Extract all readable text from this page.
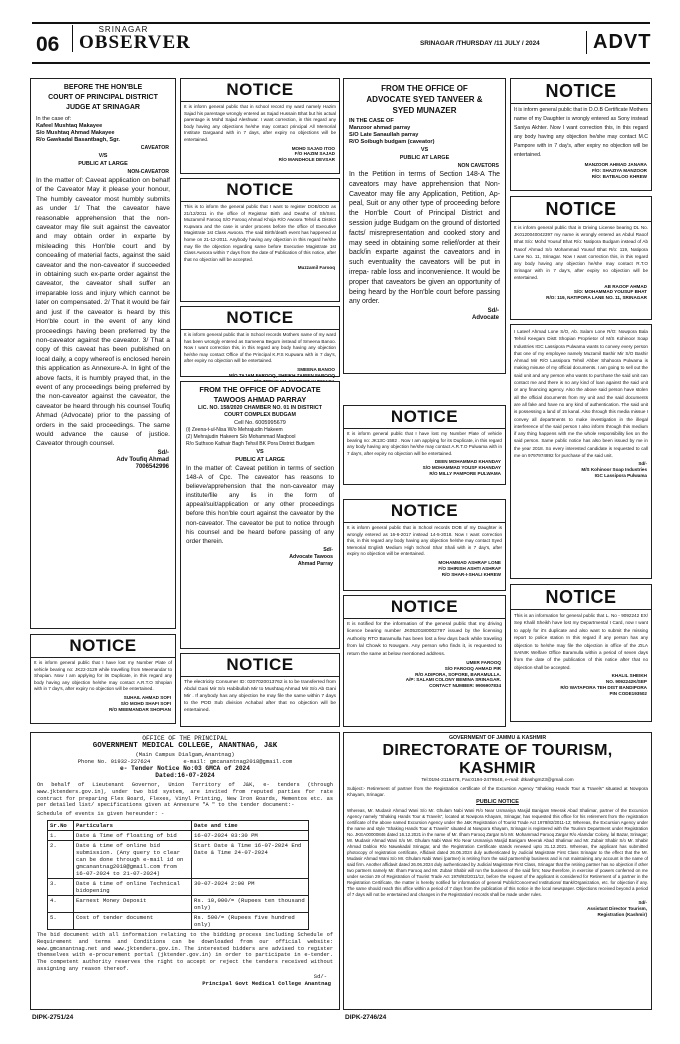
06
SRINAGAR
OBSERVER	SRINAGAR /THURSDAY /11 JULY / 2024	ADVT
BEFORE THE HON'BLE
COURT OF PRINCIPAL DISTRICT
JUDGE AT SRINAGAR
In the case of:
Kafeel Mushtaq Makayee
S/o Mushtaq Ahmad Makayee
R/o Gawkadal Basantbagh, Sgr.
CAVEATOR
V/S
PUBLIC AT LARGE
NON-CAVEATOR
In the matter of: Caveat application on behalf of the Caveator May it please your honour, The humbly caveator most humbly submits as under 1/ That the caveator have reasonable apprehension that the non-caveator may file suit against the caveator and may obtain order in exparte by misleading this Hon'ble court and by concealing of material facts, against the said caveator and the non-caveator if succeeded in obtaining such ex-parte order against the caveator, the caveator shall suffer an irreparable loss and injury which cannot be later on compensated. 2/ That it would be fair and just if the caveator is heard by this Hon'ble court in the event of any kind proceedings having been preferred by the non-caveator against the caveator. 3/ That a copy of this caveat has been published on local daily, a copy whereof is enclosed herein this application as Annexure-A. In light of the above facts, it is humbly prayed that, in the event of any proceedings being preferred by the non-caveator against the caveator, the caveator be heard through his counsel Toufiq Ahmad (Advocate) prior to the passing of orders in the said proceedings. The same would advance the cause of justice. Caveator through counsel.
Sd/-
Adv Toufiq Ahmad
7006542996
NOTICE
It is inform general public that I have lost my Number Plate of vehicle bearing no: JK22-3129 while travelling from Meemandar to Shopian. Now I am applying for its Duplicate, in this regard any body having any objection he/she may contact A.R.T.O Shopian with in 7 day's, after expiry no objection will be entertained.
SUHAIL AHMAD SOFI
S/O MOHD SHAFI SOFI
R/O MEEMANDAR SHOPIAN
NOTICE
It is inform general public that in school record my ward namely Hazim Sajad his parentage wrongly entered as Sajad Hussain Bhat but his actual parentage is Mohd Sajad Aleshwar. I want correction, in this regard any body having any objections he/she may contact principal All Memorial Institute Dargaand with in 7 days, after expiry no objections will be entertained.
MOHD SAJAD ITOO
F/O HAZIM SAJAD
R/O MANDHOLE DEVSAR
NOTICE
This is to inform the general public that I want to register DOB/DOD as 21/12/2011 in the office of Registrar Birth and Deaths of Sh/Smt. Muzammil Farooq S/O Farooq Ahmad Khoja R/O Awoora Tehsil & District Kupwara and the case is under process before the office of Executive Magistrate 1st Class Awoora. The said Birth/death event has happened at home on 21-12-2011. Anybody having any objection in this regard he/she may file the objection regarding same before Executive Magistrate 1st Class Awoora within 7 days from the date of Publication of this notice, after that no objection will be accepted.
Muzzamil Farooq
NOTICE
It is inform general public that in School records Mothers name of my ward has been wrongly entered as Sameena Begum instead of Smeena Banoo. Now I want correction this, in this regard any body having any objection he/she may contact Office of the Principal K.P.S Kupwara with in 7 day's, after expiry no objection will be entertained.
SMEENA BANOO
M/O TAJAM FAROOQ, SHEIKH ZARIEN FAROOQ
FROM THE OFFICE OF ADVOCATE
TAWOOS AHMAD PARRAY
LIC. NO. 158/2020 CHAMBER NO. 01 IN DISTRICT
COURT COMPLEX BUDGAM
Cell No. 6005995679
(i) Zeena-t-ul-Nisa W/o Mehrajudin Hakeem
(2) Mehrajudin Hakeem S/o Mohammad Maqbool
R/o Suthsoo Kathair Bagh Tehsil BK Pora District Budgam
VS
PUBLIC AT LARGE
In the matter of: Caveat petition in terms of section 148-A of Cpc. The caveator has reasons to believe/apprehension that the non-caveator may institute/file any lis in the form of appeal/suit/application or any other proceedings before this hon'ble court against the caveator by the non-caveator. The caveator be put to notice through his counsel and be heard before passing of any order therein.
Sd/-
Advocate Tawoos
Ahmad Parray
NOTICE
The electricity Consumer ID: 0207020013762 is to be transferred from Abdul Gani Mir S/o Habibullah Mir to Mushtaq Ahmad Mir S/o Ab Gani Mir . If anybody has any objection he may file the same within 7 days to the PDD Sub division Achabal after that no objection will be entertained.
FROM THE OFFICE OF
ADVOCATE SYED TANVEER &
SYED MUNAZER
IN THE CASE OF
Manzoor ahmad parray
S/O Late Sanaullah parray
R/O Soibugh budgam (caveator)
VS
PUBLIC AT LARGE
NON CAVETORS
In the Petition in terms of Section 148-A The caveators may have apprehension that Non-Caveator may file any Application, Petition, Ap- peal, Suit or any other type of proceeding before the Hon'ble Court of Principal District and session judge Budgam on the ground of distorted facts/ misrepresentation and cooked story and may seed in obtaining some relief/order at their back/in exparte against the caveators and in such eventuality the caveators will be put in irrepa- rable loss and inconvenience. It would be proper that caveators be given an opportunity of being heard by the Hon'ble court before passing any order.
Sd/-
Advocate
NOTICE
It is inform general public that I have lost my Number Plate of vehicle bearing no: JK13C-1582 . Now I am applying for its Duplicate, in this regard any body having any objection he/she may contact A.R.T.O Pulwama with in 7 day's, after expiry no objection will be entertained.
DEEN MOHAMMAD KHANDAY
S/O MOHAMMAD YOUSF KHANDAY
R/O MILLY PAMPORE PULWAMA
NOTICE
It is inform general public that in School records DOB of my Daughter is wrongly entered as 16-6-2017 instead 14-5-2018. Now I want correction this, in this regard any body having any objection he/she may contact Syed Memorial English Medium High School Shar Shali with in 7 day's, after expiry no objection will be entertained.
MOHAMMAD ASHRAF LONE
F/O SHIRISH ASHTI ASHRAF
R/O SHAR-I-SHALI KHREW
NOTICE
It is notified for the information of the general public that my driving licence bearing number JK0520180002797 issued by the licensing Authority RTO Baramulla has been lost a few days back while traveling from lal Chowk to Nowgam. Any person who finds it, is requested to return the same at below mentioned address.
UMER FAROOQ
S/O FAROOQ AHMAD PIR
R/O ADIPORA, SOPORE, BARAMULLA.
A/P: SALAMI COLONY BEMINA SRINAGAR.
CONTACT NUMBER: 9906907834
NOTICE
It is inform general public that in D.O.B Certificate Mothers name of my Daughter is wrongly entered as Sony instead Saniya Akhter. Now I want correction this, in this regard any body having any objection he/she may contact M.C Pampore with in 7 day's, after expiry no objection will be entertained.
MANZOOR AHMAD JANARA
F/O: SHAZIYA MANZOOR
R/O: BATBALOO KHREW
NOTICE
It is inform general public that in Driving License bearing DL No. JK0120040042397 my name is wrongly entered as Abdul Raoof Bhat S/o: Mohd Yousuf Bhat R/o: Natipora Budgam instead of Ab Raoof Ahmad S/o Mohammad Yousuf Bhat R/o: 119, Natipora Lane No. 11, Srinagar. Now I want correction this, in this regard any body having any objection he/she may contact R.T.O Srinagar with in 7 day's, after expiry no objection will be entertained.
AB RAOOF AHMAD
S/O: MOHAMMAD YOUSUF BHAT
R/O: 119, NATIPORA LANE NO. 11, SRINAGAR
I Lateef Ahmad Lone S/O, Ab. Salam Lone R/O: Nowpora Bala Tehsil Keegam Distt Shopian Proprietor of M/S Kohinoor Soap Industries IGC Lassipora Pulwama wants to convey every person that one of my employee namely Muzamil Bashir Mir S/O Bashir Ahmad Mir R/O Lassipora Tehsil Ahber Shahoora Pulwama is making misuse of my official documents. I am going to sell out the said unit and any person who wants to purchase the said unit can contact me and there is no any kind of loan against the said unit or any financing agency. Also the above said person have stolen all the official documents from my unit and the said documents are all fake and have no any kind of authentication. The said unit is possessing a land of 15 kanal. Also through this media missue I convey all departments to make investigation in the illegal interference of the said person I also inform through this medium if any thing happens with me the whole responsibility lies on the said person. Same public notice has also been issued by me in the year 2018. So every interested candidate is requested to call me on 9797974892 for purchase of the said unit.
Sd/-
M/S Kohinoor Soap Industries
IGC Lassipora Pulwama
NOTICE
This is an information for general public that L. No - 9092242 EX/ Sep Khalil Sheikh have lost my Departmental I Card, now I want to apply for it's duplicate and also want to submit the missing report to police station In this regard if any person has any objection to he/she may file the objection in office of the ZILA SAINIK Welfare Office Baramulla within a period of seven days from the date of the publication of this notice after that no objection shall be accepted.
KHALIL SHEIKH
NO. 9092242K/SEP
R/O WATAPORA TEH DIST BANDIPORA
PIN CODE193502
OFFICE OF THE PRINCIPAL
GOVERNMENT MEDICAL COLLEGE, ANANTNAG, J&K
(Main Campus Dialgam,Anantnag)
Phone No. 01932-227624          e-mail: gmcanantnag2018@gmail.com
e- Tender Notice No:03 GMCA of 2024
Dated:16-07-2024
On behalf of Lieutenant Governor, Union Territory of J&K, e- tenders (through www.jktenders.gov.in), under two bid system, are invited from reputed parties for rate contract for preparing Flex Board, Flexes, Vinyl Printing, New Iron Boards, Mementos etc. as per detailed list/ specifications given at Annexure "A " to the tender document:-
Schedule of events is given hereunder: -
Sr.No	Particulars	Date and time
1.	Date & Time of floating of bid	16-07-2024 03:30 PM
2.	Date & time of online bid submission. (Any query to clear can be done through e-mail id on gmcanantnag2018@gmail.com from 16-07-2024 to 21-07-2024)	Start Date & Time 16-07-2024 End Date & Time 24-07-2024
3.	Date & time of online Technical bidopening	30-07-2024 2:00 PM
4.	Earnest Money Deposit	Rs. 10,000/= (Rupees ten thousand only)
5.	Cost of tender document	Rs. 500/= (Rupees five hundred only)
The bid document with all information relating to the bidding process including Schedule of Requirement and terms and Conditions can be downloaded from our official website: www.gmcanantnag.net and www.jktenders.gov.in. The interested bidders are advised to register themselves with e-procurement portal (jktender.gov.in) in order to participate in e-tender. The competent authority reserves the right to accept or reject the tenders received without assigning any reason thereof.
Sd/-
Principal Govt Medical College Anantnag
DIPK-2751/24
GOVERNMENT OF JAMMU & KASHMIR
DIRECTORATE OF TOURISM, KASHMIR
Tel:0194-2116478, Fax:0194-2479548, e-mail: dtkashgm23@gmail.com
Subject:- Retirement of partner from the Registration certificate of the Excursion Agency "Shaking Hands Tour & Travels" situated at Nowpora Khayam, Srinagar.
PUBLIC NOTICE
Whereas, Mr. Mudasir Ahmad Wani S/o Mr. Ghulam Nabi Wani R/o Near Usmaniya Masjid Banigam Meerak Abad Shalimar, partner of the Excursion Agency namely "Shaking Hands Tour & Travels", located at Nowpora Khayam, Srinagar, has requested this office for his retirement from the registration certificate of the above named Excursion Agency under the J&K Registration of Tourist Trade Act 1978/82/2011-12; Whereas, the Excursion Agency under the name and style "Shaking Hands Tour & Travels" situated at Nowpora Khayam, Srinagar is registered with the Tourism Department under Registration No. JKEA00000846 dated 16.12.2021 in the name of Mr. Ilham Farooq Zargar S/o Mr. Mohammad Farooq Zargar R/o Alamdar Colony, lal Bazar, Srinagar; Mr. Mudasir Ahmad Wani S/o Mr. Ghulam Nabi Wani R/o Near Usmaniya Masjid Banigam Meerak Abad Shalimar and Mr. Zubair Shabir S/o Mr. Shabir Ahmad Dabloo R/o Nawakadal Srinagar, and the Registration Certificate stands renewed upto 31.12.2021. Whereas, the applicant has submitted photocopy of registration certificate, Affidavit dated 26.06.2024 duly authenticated by Judicial Magistrate First Class Srinagar to the effect that the Mr. Mudasir Ahmad Wani S/o Mr. Ghulam Nabi Wani (partner) is retiring from the said partnership business and is not maintaining any account in the name of said firm. Another affidavit dated 26.06.2024 duly authenticated by Judicial Magistrate First Class, Srinagar that the retiring partner has no objection if other two partners namely Mr. Ilham Farooq and Mr. Zubair Shabir will run the business of the said firm; Now therefore, in exercise of powers conferred on me under section 29 of Registration of Tourist Trade Act 1978/82/2011/12, before the request of the applicant is considered for Retirement of a partner in the Registration Certificate, the matter is hereby notified for information of general Public/Concerned Institutions/ Bank/Organization, etc. for objection if any. The same should reach this office within a period of 7 days from the publication of this notice in the local newspaper. Objections received beyond a period of 7 days will not be entertained and changes in the Registration/ records shall be made under rules.
Sd/-
Assistant Director Tourism,
Registration (Kashmir)
DIPK-2746/24
